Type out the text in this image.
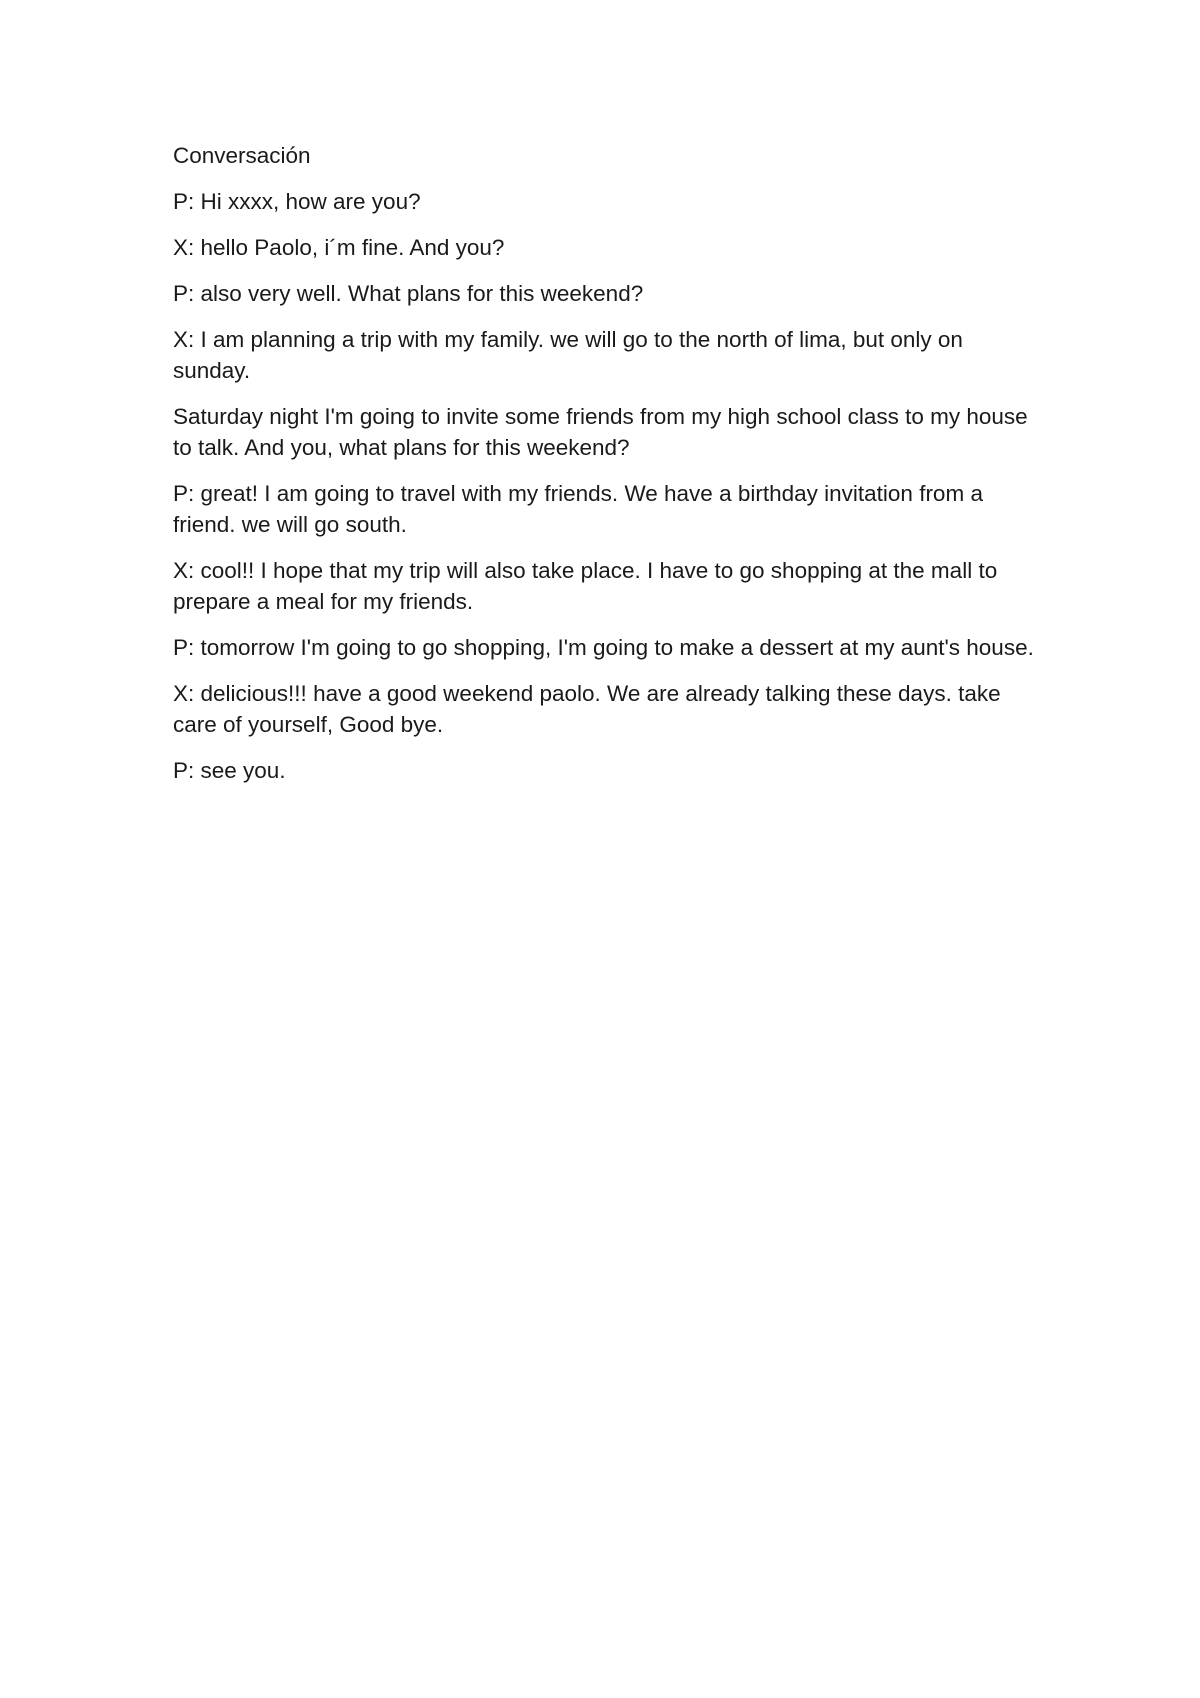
Conversación

P: Hi xxxx, how are you?

X: hello Paolo, i´m fine. And you?

P: also very well. What plans for this weekend?

X: I am planning a trip with my family. we will go to the north of lima, but only on sunday.

Saturday night I'm going to invite some friends from my high school class to my house to talk. And you, what plans for this weekend?

P: great! I am going to travel with my friends. We have a birthday invitation from a friend. we will go south.

X: cool!! I hope that my trip will also take place. I have to go shopping at the mall to prepare a meal for my friends.

P: tomorrow I'm going to go shopping, I'm going to make a dessert at my aunt's house.

X: delicious!!! have a good weekend paolo. We are already talking these days. take care of yourself, Good bye.

P: see you.
